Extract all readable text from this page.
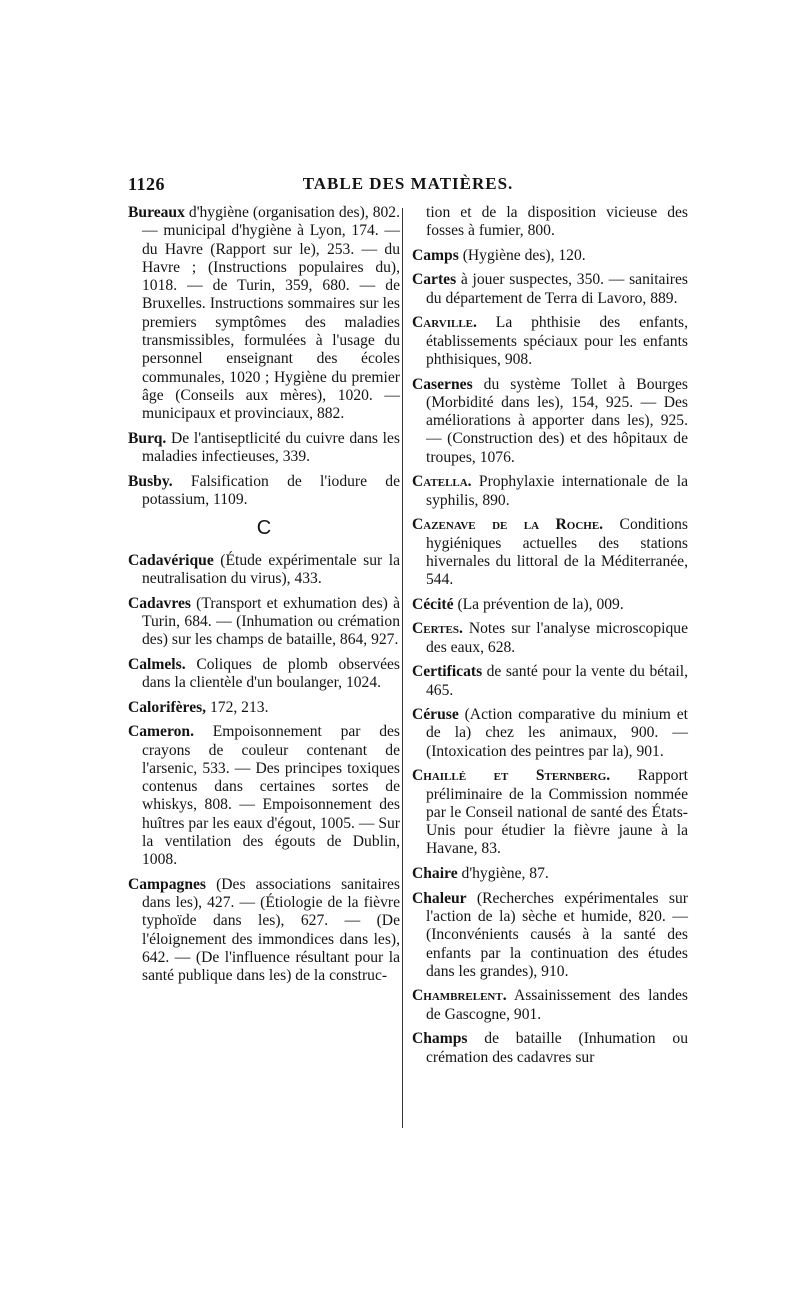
1126	TABLE DES MATIÈRES.

Bureaux d'hygiène (organisation des), 802. — municipal d'hygiène à Lyon, 174. — du Havre (Rapport sur le), 253. — du Havre ; (Instructions populaires du), 1018. — de Turin, 359, 680. — de Bruxelles. Instructions sommaires sur les premiers symptômes des maladies transmissibles, formulées à l'usage du personnel enseignant des écoles communales, 1020 ; Hygiène du premier âge (Conseils aux mères), 1020. — municipaux et provinciaux, 882.

Burq. De l'antiseptlicité du cuivre dans les maladies infectieuses, 339.

Busby. Falsification de l'iodure de potassium, 1109.

C

Cadavérique (Étude expérimentale sur la neutralisation du virus), 433.

Cadavres (Transport et exhumation des) à Turin, 684. — (Inhumation ou crémation des) sur les champs de bataille, 864, 927.

Calmels. Coliques de plomb observées dans la clientèle d'un boulanger, 1024.

Calorifères, 172, 213.

Cameron. Empoisonnement par des crayons de couleur contenant de l'arsenic, 533. — Des principes toxiques contenus dans certaines sortes de whiskys, 808. — Empoisonnement des huîtres par les eaux d'égout, 1005. — Sur la ventilation des égouts de Dublin, 1008.

Campagnes (Des associations sanitaires dans les), 427. — (Étiologie de la fièvre typhoïde dans les), 627. — (De l'éloignement des immondices dans les), 642. — (De l'influence résultant pour la santé publique dans les) de la construc-

tion et de la disposition vicieuse des fosses à fumier, 800.

Camps (Hygiène des), 120.

Cartes à jouer suspectes, 350. — sanitaires du département de Terra di Lavoro, 889.

Carville. La phthisie des enfants, établissements spéciaux pour les enfants phthisiques, 908.

Casernes du système Tollet à Bourges (Morbidité dans les), 154, 925. — Des améliorations à apporter dans les), 925. — (Construction des) et des hôpitaux de troupes, 1076.

Catella. Prophylaxie internationale de la syphilis, 890.

Cazenave de la Roche. Conditions hygiéniques actuelles des stations hivernales du littoral de la Méditerranée, 544.

Cécité (La prévention de la), 009.

Certes. Notes sur l'analyse microscopique des eaux, 628.

Certificats de santé pour la vente du bétail, 465.

Céruse (Action comparative du minium et de la) chez les animaux, 900. — (Intoxication des peintres par la), 901.

Chaillé et Sternberg. Rapport préliminaire de la Commission nommée par le Conseil national de santé des États-Unis pour étudier la fièvre jaune à la Havane, 83.

Chaire d'hygiène, 87.

Chaleur (Recherches expérimentales sur l'action de la) sèche et humide, 820. — (Inconvénients causés à la santé des enfants par la continuation des études dans les grandes), 910.

Chambrelent. Assainissement des landes de Gascogne, 901.

Champs de bataille (Inhumation ou crémation des cadavres sur
